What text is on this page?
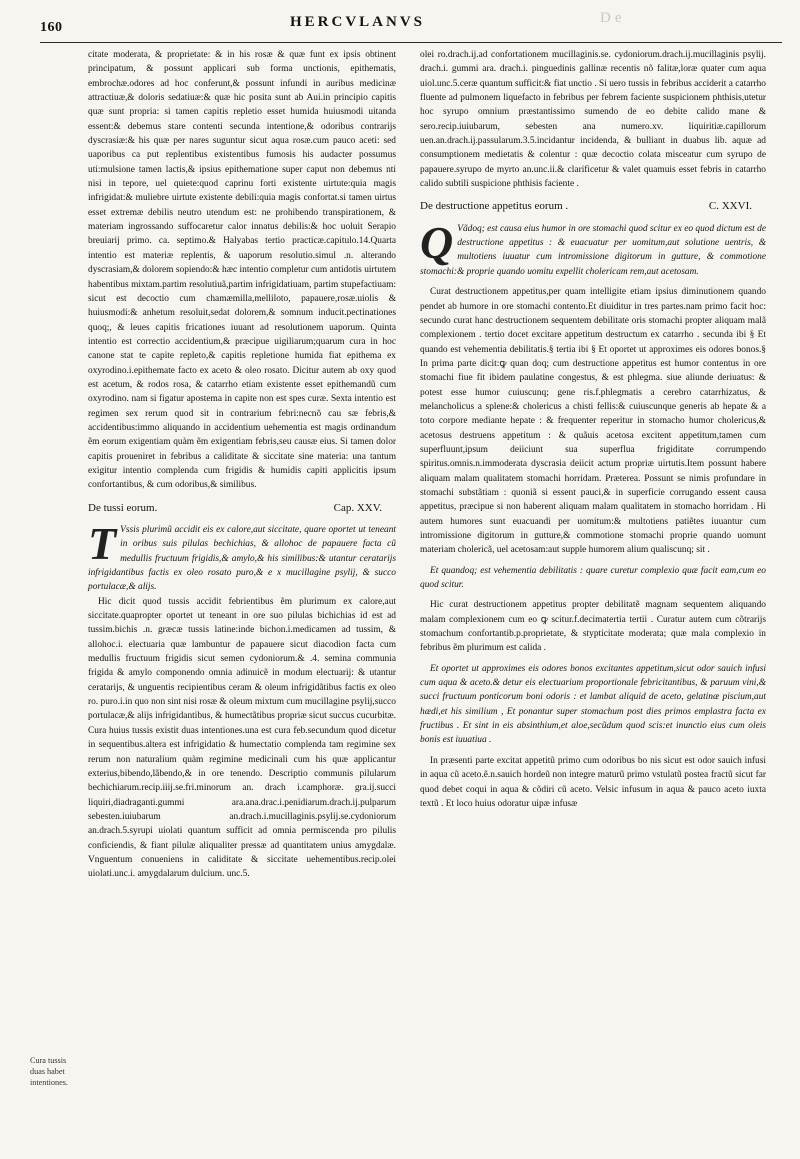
160	HERCVLANVS	De

citate moderata, & proprietate: & in his rosæ & quæ funt ex ipsis obtinent principatum, & possunt applicari sub forma unctionis, epithematis, embrochæ.odores ad hoc conferunt,& possunt infundi in auribus medicinæ attractiuæ,& doloris sedatiuæ:& quæ hic posita sunt ab Aui.in principio capitis quæ sunt propria: si tamen capitis repletio esset humida huiusmodi uitanda essent:& debemus stare contenti secunda intentione,& odoribus contrarijs dyscrasiæ:& his quæ per nares suguntur sicut aqua rosæ.cum pauco aceti: sed uaporibus ca put replentibus existentibus fumosis his audacter possumus uti:mulsione tamen lactis,& ipsius epithematione super caput non debemus nti nisi in tepore, uel quiete:quod caprinu forti existente uirtute:quia magis infrigidat:& muliebre uirtute existente debili:quia magis confortat.si tamen uirtus esset extremæ debilis neutro utendum est: ne prohibendo transpirationem, & materiam ingrossando suffocaretur calor innatus debilis:& hoc uoluit Serapio breuiarij primo. ca. septimo.& Halyabas tertio practicæ.capitulo.14.Quarta intentio est materiæ replentis, & uaporum resolutio.simul .n. alterando dyscrasiam,& dolorem sopiendo:& hæc intentio completur cum antidotis uirtutem habentibus mixtam.partim resolutiuã,partim infrigidatiuam, partim stupefactiuam: sicut est decoctio cum chamæmilla,melliloto, papauere,rosæ.uiolis & huiusmodi:& anhetum resoluit,sedat dolorem,& somnum inducit.pectinationes quoq;, & leues capitis fricationes iuuant ad resolutionem uaporum. Quinta intentio est correctio accidentium,& præcipue uigiliarum;quarum cura in hoc canone stat te capite repleto,& capitis repletione humida fiat epithema ex oxyrodino.i.epithemate facto ex aceto & oleo rosato. Dicitur autem ab oxy quod est acetum, & rodos rosa, & catarrho etiam existente esset epithemandũ cum oxyrodino. nam si figatur apostema in capite non est spes curæ. Sexta intentio est regimen sex rerum quod sit in contrarium febri:necnõ cau sæ febris,& accidentibus:immo aliquando in accidentium uehementia est magis ordinandum ẽm eorum exigentiam quàm ẽm exigentiam febris,seu causæ eius. Si tamen dolor capitis proueniret in febribus a caliditate & siccitate sine materia: una tantum exigitur intentio complenda cum frigidis & humidis capiti applicitis ipsum confortantibus, & cum odoribus,& similibus.

De tussi eorum.	Cap. XXV.

T Vssis plurimũ accidit eis ex calore,aut siccitate, quare oportet ut teneant in oribus suis pilulas bechichias, & allohoc de papauere facta cũ medullis fructuum frigidis,& amylo,& his similibus:& utantur ceratarijs infrigidantibus factis ex oleo rosato puro,& e x mucillagine psylij, & succo portulacæ,& alijs.

Hic dicit quod tussis accidit febrientibus ẽm plurimum ex calore,aut siccitate.quapropter oportet ut teneant in ore suo pilulas bichichias id est ad tussim.bichis .n. græcæ tussis latine:inde bichon.i.medicamen ad tussim, & allohoc.i. electuaria quæ lambuntur de papauere sicut diacodion facta cum medullis fructuum frigidis sicut semen cydoniorum.& .4. semina communia frigida & amylo componendo omnia adinuicẽ in modum electuarij: & utantur ceratarijs, & unguentis recipientibus ceram & oleum infrigidãtibus factis ex oleo ro. puro.i.in quo non sint nisi rosæ & oleum mixtum cum mucillagine psylij,succo portulacæ,& alijs infrigidantibus, & humectãtibus propriæ sicut succus cucurbitæ. Cura huius tussis existit duas intentiones.una est cura feb.secundum quod dicetur in sequentibus.altera est infrigidatio & humectatio complenda tam regimine sex rerum non naturalium quàm regimine medicinali cum his quæ applicantur exterius,bibendo,lãbendo,& in ore tenendo. Descriptio communis pilularum bechichiarum.recip.iiij.se.fri.minorum an. drach i.camphoræ. gra.ij.succi liquiri,diadraganti.gummi ara.ana.drac.i.penidiarum.drach.ij.pulparum sebesten.iuiubarum an.drach.i.mucillaginis.psylij.se.cydoniorum an.drach.5.syrupi uiolati quantum sufficit ad omnia permiscenda pro pilulis conficiendis, & fiant pilulæ aliqualiter pressæ ad quantitatem unius amygdalæ. Vnguentum conueniens in caliditate & siccitate uehementibus.recip.olei uiolati.unc.i. amygdalarum dulcium. unc.5.

olei ro.drach.ij.ad confortationem mucillaginis.se. cydoniorum.drach.ij.mucillaginis psylij. drach.i. gummi ara. drach.i. pinguedinis gallinæ recentis nõ falitæ,loræ quater cum aqua uiol.unc.5.ceræ quantum sufficit:& fiat unctio . Si uero tussis in febribus acciderit a catarrho fluente ad pulmonem liquefacto in febribus per febrem faciente suspicionem phthisis,utetur hoc syrupo omnium præstantissimo sumendo de eo debite calido mane & sero.recip.iuiubarum, sebesten ana numero.xv. liquiritiæ.capillorum uen.an.drach.ij.passularum.3.5.incidantur incidenda, & bulliant in duabus lib. aquæ ad consumptionem medietatis & colentur : quæ decoctio colata misceatur cum syrupo de papauere.syrupo de myrto an.unc.ii.& clarificetur & valet quamuis esset febris in catarrho calido subtili suspicione phthisis faciente .

De destructione appetitus eorum .	C. XXVI.

Q Vãdoq; est causa eius humor in ore stomachi quod scitur ex eo quod dictum est de destructione appetitus : & euacuatur per uomitum,aut solutione uentris, & multotiens iuuatur cum intromissione digitorum in gutture, & commotione stomachi:& proprie quando uomitu expellit cholericam rem,aut acetosam.

Curat destructionem appetitus,per quam intelligite etiam ipsius diminutionem quando pendet ab humore in ore stomachi contento.Et diuiditur in tres partes.nam primo facit hoc: secundo curat hanc destructionem sequentem debilitate oris stomachi propter aliquam malã complexionem . tertio docet excitare appetitum destructum ex catarrho . secunda ibi § Et quando est vehementia debilitatis.§ tertia ibi § Et oportet ut approximes eis odores bonos.§ In prima parte dicit:ꝙ quan doq; cum destructione appetitus est humor contentus in ore stomachi fiue fit ibidem paulatine congestus, & est phlegma. siue aliunde deriuatus: & potest esse humor cuiuscunq; gene ris.f.phlegmatis a cerebro catarrhizatus, & melancholicus a splene:& cholericus a chisti fellis:& cuiuscunque generis ab hepate & a toto corpore mediante hepate : & frequenter reperitur in stomacho humor cholericus,& acetosus destruens appetitum : & quãuis acetosa excitent appetitum,tamen cum superfluunt,ipsum deiiciunt sua superflua frigiditate corrumpendo spiritus.omnis.n.immoderata dyscrasia deiicit actum propriæ uirtutis.Item possunt habere aliquam malam qualitatem stomachi horridam. Præterea. Possunt se nimis profundare in stomachi substãtiam : quoniã si essent pauci,& in superficie corrugando essent causa appetitus, præcipue si non haberent aliquam malam qualitatem in stomacho horridam . Hi autem humores sunt euacuandi per uomitum:& multotiens patiẽtes iuuantur cum intromissione digitorum in gutture,& commotione stomachi proprie quando uomunt materiam cholericã, uel acetosam:aut supple humorem alium qualiscunq; sit .

Et quandoq; est vehementia debilitatis : quare curetur complexio quæ facit eam,cum eo quod scitur.

Hic curat destructionem appetitus propter debilitatẽ magnam sequentem aliquando malam complexionem cum eo ꝙ scitur.f.decimatertia tertii . Curatur autem cum cõtrarijs stomachum confortantib.p.proprietate, & stypticitate moderata; quæ mala complexio in febribus ẽm plurimum est calida .

Et oportet ut approximes eis odores bonos excitantes appetitum,sicut odor sauich infusi cum aqua & aceto.& detur eis electuarium proportionale febricitantibus, & paruum vini,& succi fructuum ponticorum boni odoris : et lambat aliquid de aceto, gelatinæ piscium,aut hædi,et his similium , Et ponantur super stomachum post dies primos emplastra facta ex fructibus . Et sint in eis absinthium,et aloe,secũdum quod scis:et inunctio eius cum oleis bonis est iuuatiua .

In præsenti parte excitat appetitũ primo cum odoribus bo nis sicut est odor sauich infusi in aqua cũ aceto.ẽ.n.sauich hordeũ non integre maturũ primo vstulatũ postea fractũ sicut far quod debet coqui in aqua & cõdiri cũ aceto. Velsic infusum in aqua & pauco aceto iuxta textũ . Et loco huius odoratur uipæ infusæ

Cura tussis duas habet intentiones.
